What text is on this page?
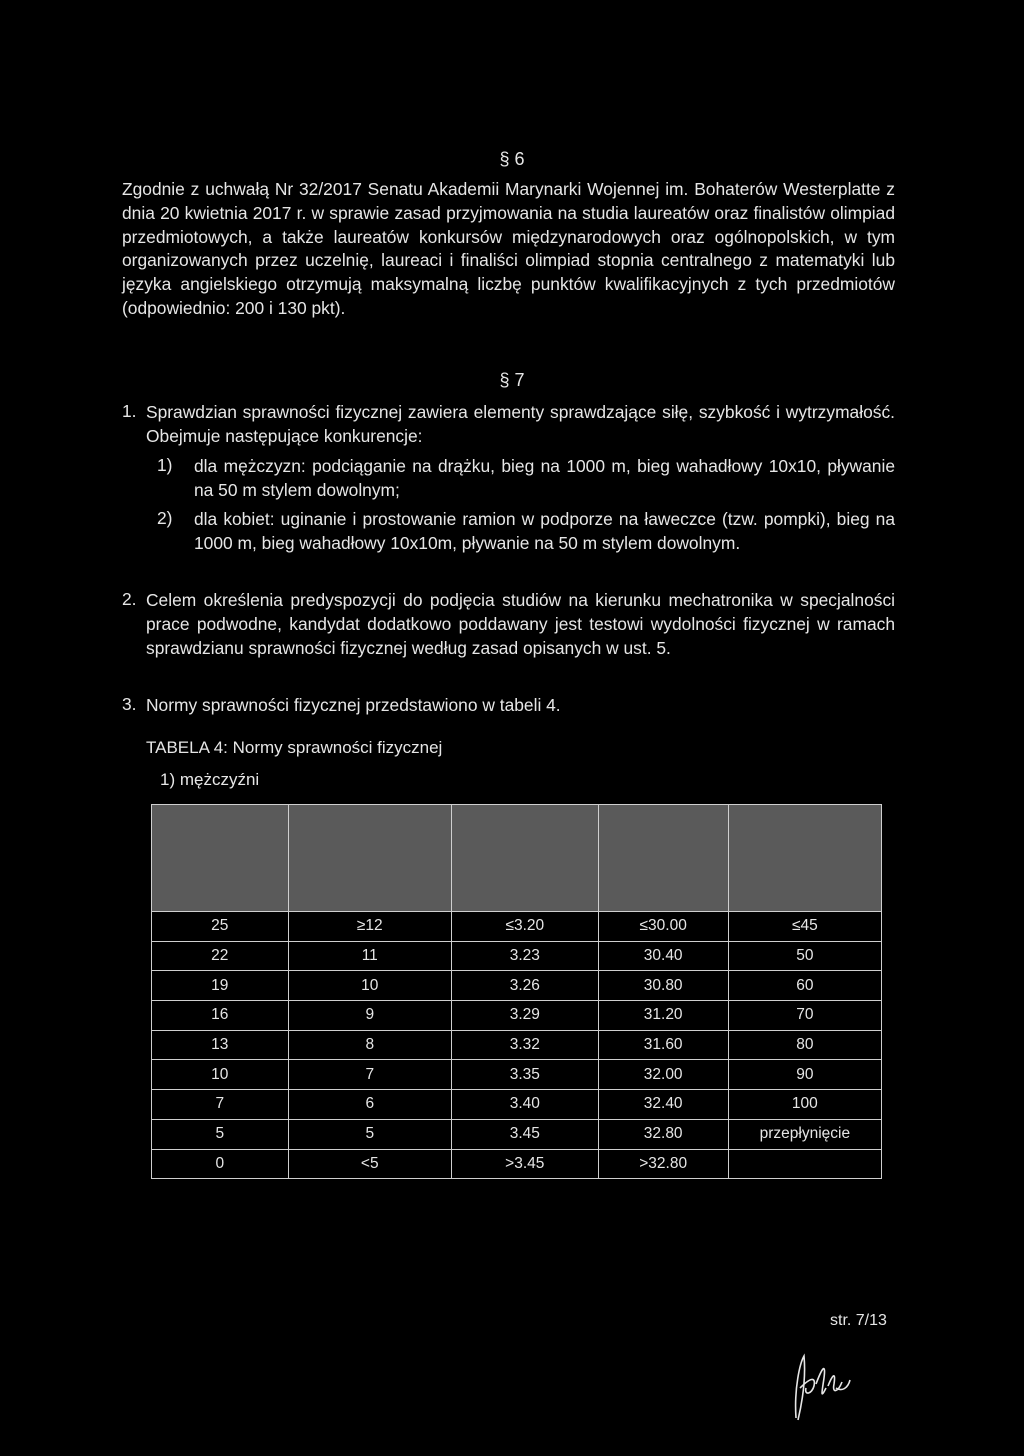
§ 6
Zgodnie z uchwałą Nr 32/2017 Senatu Akademii Marynarki Wojennej im. Bohaterów Westerplatte z dnia 20 kwietnia 2017 r. w sprawie zasad przyjmowania na studia laureatów oraz finalistów olimpiad przedmiotowych, a także laureatów konkursów międzynarodowych oraz ogólnopolskich, w tym organizowanych przez uczelnię, laureaci i finaliści olimpiad stopnia centralnego z matematyki lub języka angielskiego otrzymują maksymalną liczbę punktów kwalifikacyjnych z tych przedmiotów (odpowiednio: 200 i 130 pkt).
§ 7
1. Sprawdzian sprawności fizycznej zawiera elementy sprawdzające siłę, szybkość i wytrzymałość. Obejmuje następujące konkurencje:
1) dla mężczyzn: podciąganie na drążku, bieg na 1000 m, bieg wahadłowy 10x10, pływanie na 50 m stylem dowolnym;
2) dla kobiet: uginanie i prostowanie ramion w podporze na ławeczce (tzw. pompki), bieg na 1000 m, bieg wahadłowy 10x10m, pływanie na 50 m stylem dowolnym.
2. Celem określenia predyspozycji do podjęcia studiów na kierunku mechatronika w specjalności prace podwodne, kandydat dodatkowo poddawany jest testowi wydolności fizycznej w ramach sprawdzianu sprawności fizycznej według zasad opisanych w ust. 5.
3. Normy sprawności fizycznej przedstawiono w tabeli 4.
TABELA 4: Normy sprawności fizycznej
1) mężczyźni

25	≥12	≤3.20	≤30.00	≤45
22	11	3.23	30.40	50
19	10	3.26	30.80	60
16	9	3.29	31.20	70
13	8	3.32	31.60	80
10	7	3.35	32.00	90
7	6	3.40	32.40	100
5	5	3.45	32.80	przepłynięcie
0	<5	>3.45	>32.80	
str. 7/13
